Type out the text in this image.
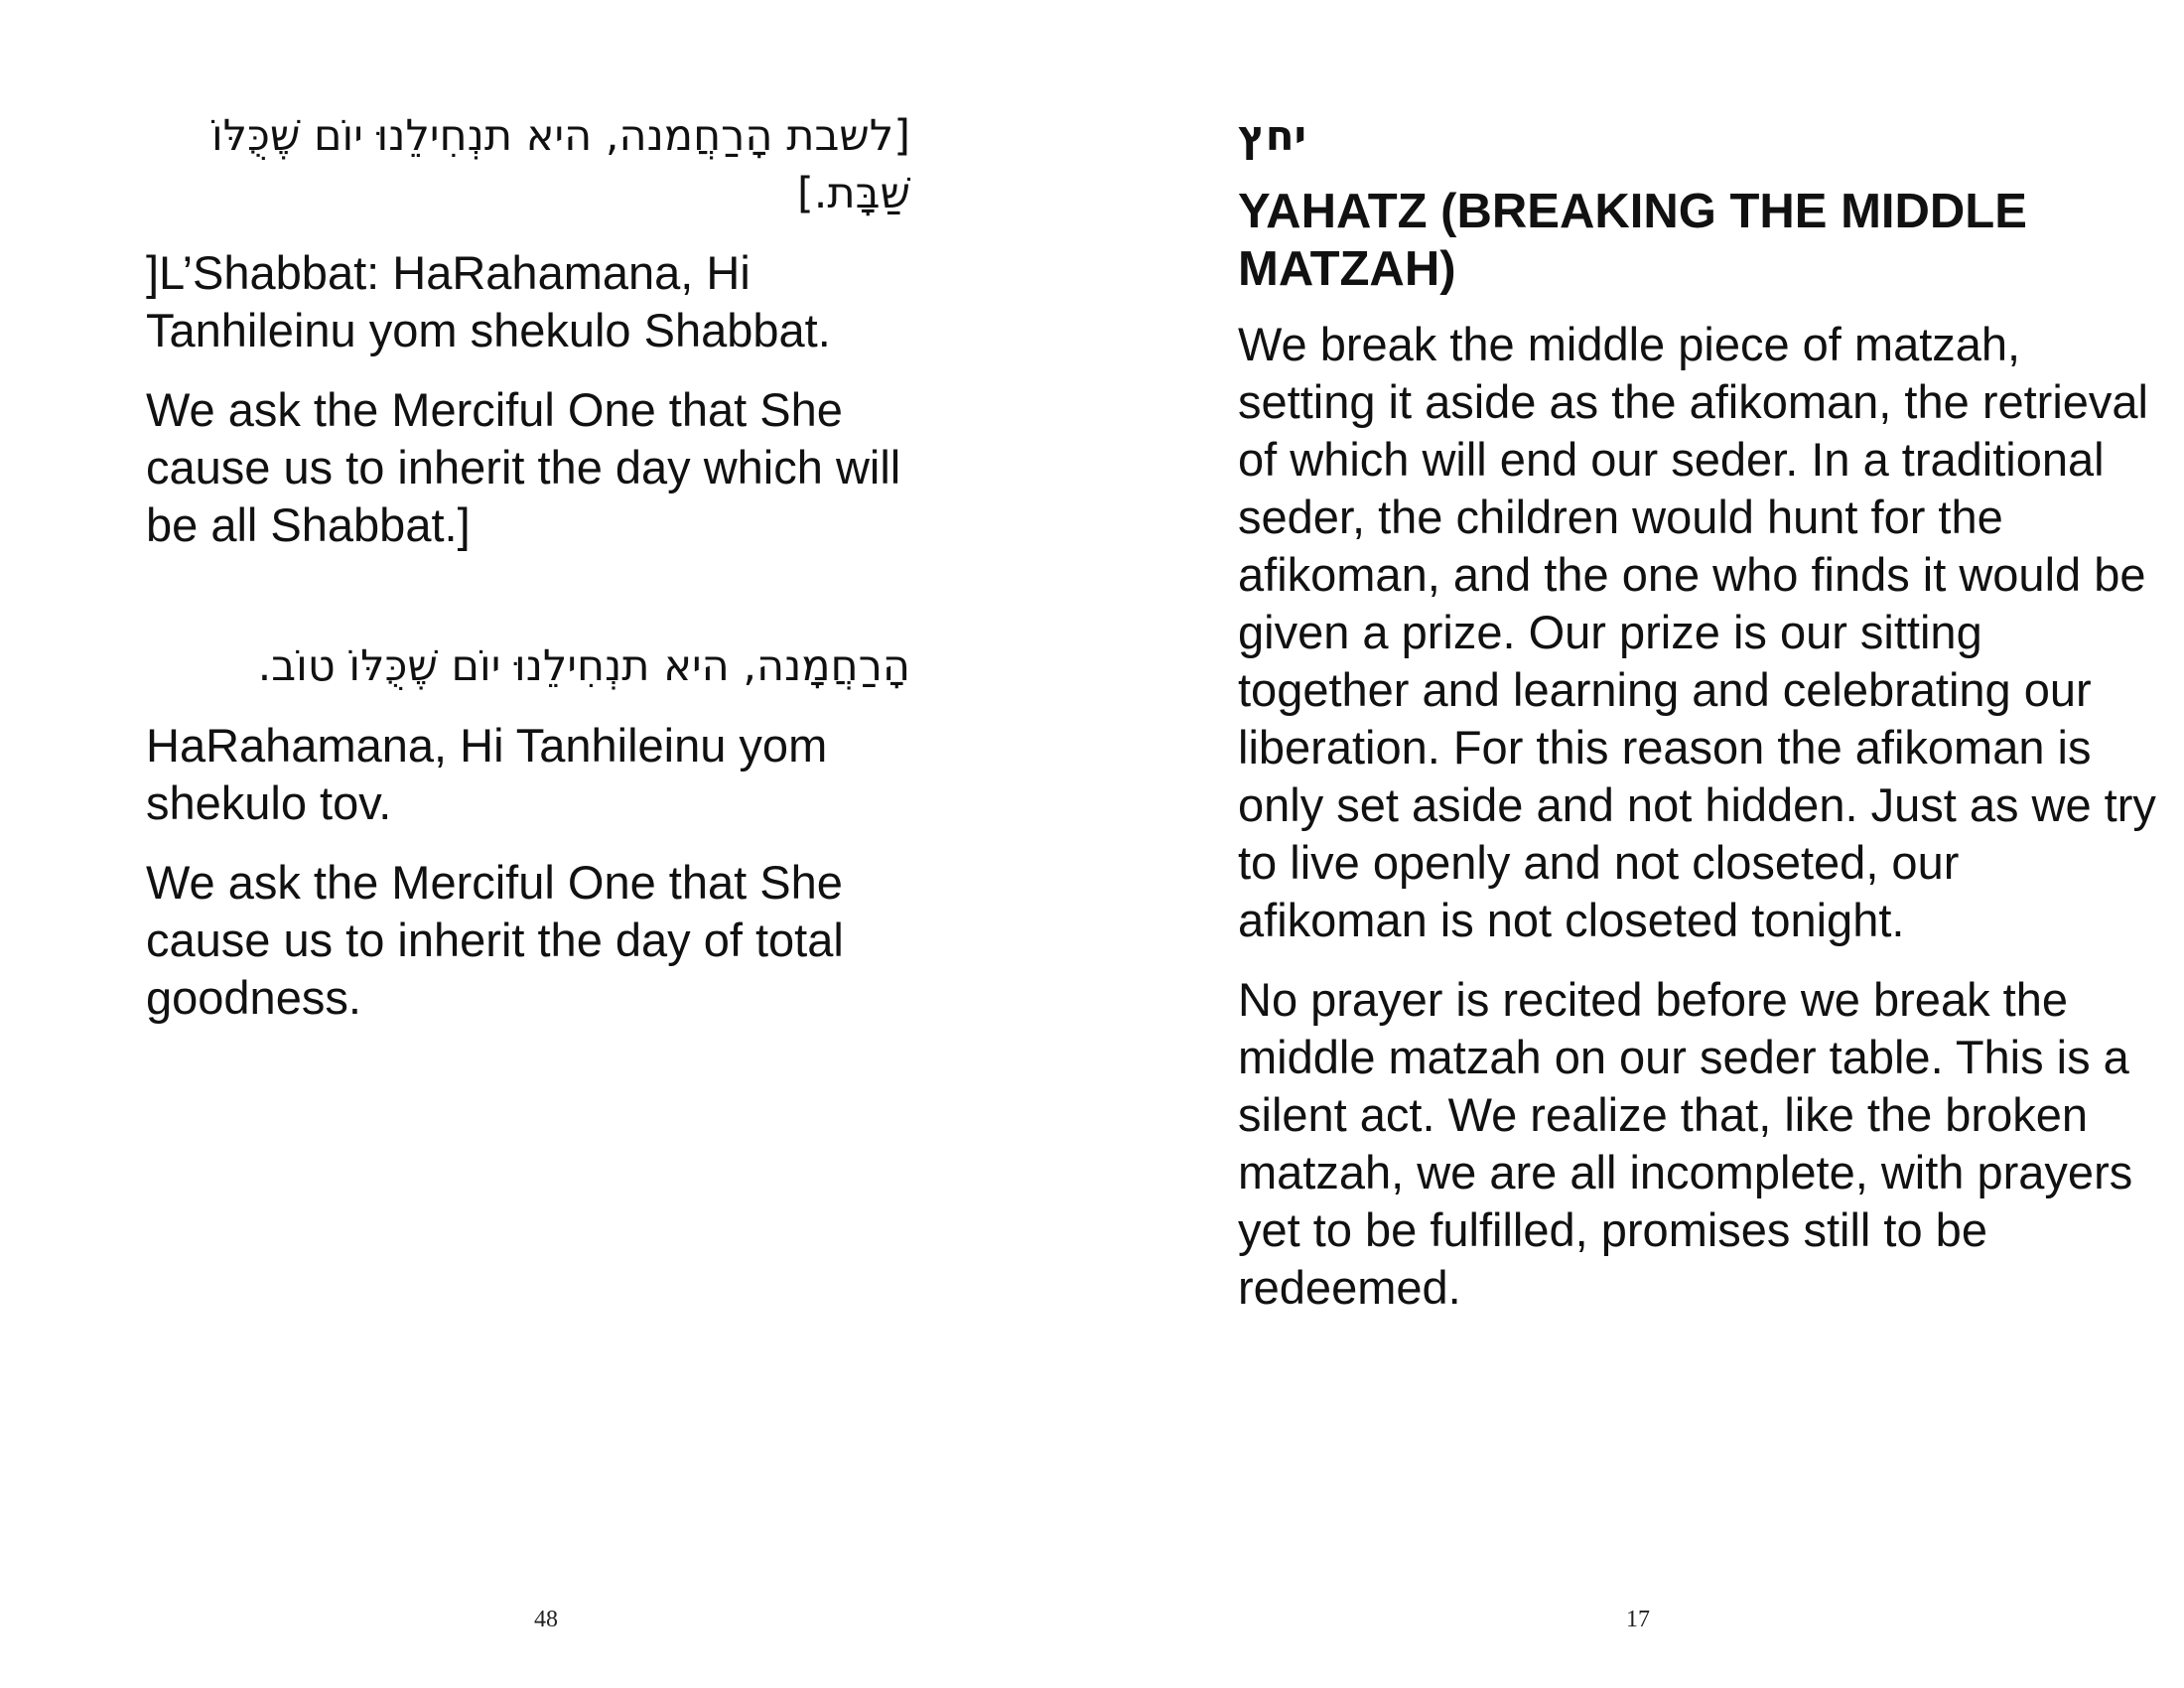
[לשבת הָרַחֲמנה, היא תנְחִילֵנוּ יוֹם שֶׁכֻּלּוֹ שַׁבָּת.]

]L’Shabbat: HaRahamana, Hi Tanhileinu yom shekulo Shabbat.

We ask the Merciful One that She cause us to inherit the day which will be all Shabbat.]

הָרַחֲמָנה, היא תנְחִילֵנוּ יוֹם שֶׁכֻּלּוֹ טוֹב.

HaRahamana, Hi Tanhileinu yom shekulo tov.

We ask the Merciful One that She cause us to inherit the day of total goodness.

48
יחץ
YAHATZ (BREAKING THE MIDDLE MATZAH)

We break the middle piece of matzah, setting it aside as the afikoman, the retrieval of which will end our seder. In a traditional seder, the children would hunt for the afikoman, and the one who finds it would be given a prize. Our prize is our sitting together and learning and celebrating our liberation. For this reason the afikoman is only set aside and not hidden. Just as we try to live openly and not closeted, our afikoman is not closeted tonight.

No prayer is recited before we break the middle matzah on our seder table. This is a silent act. We realize that, like the broken matzah, we are all incomplete, with prayers yet to be fulfilled, promises still to be redeemed.

17
